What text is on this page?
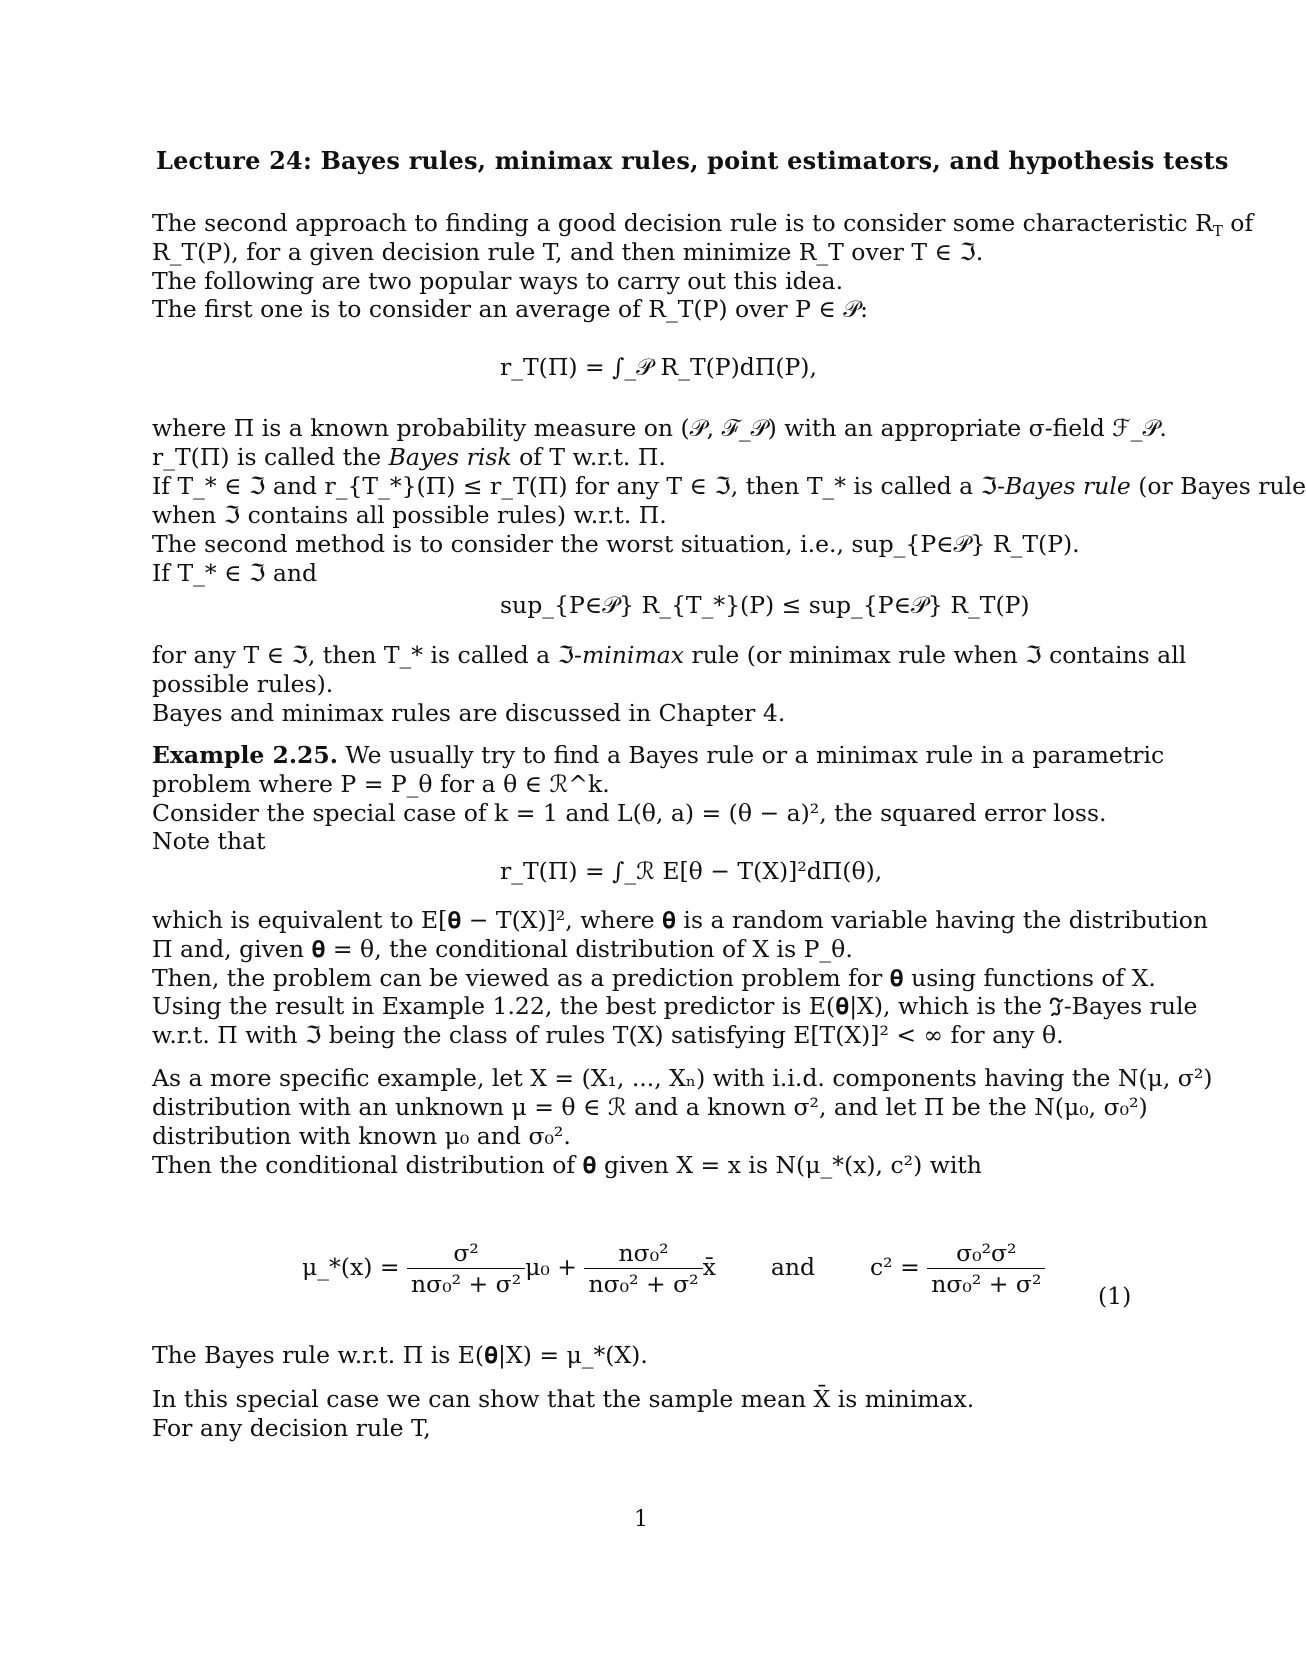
Lecture 24: Bayes rules, minimax rules, point estimators, and hypothesis tests
The second approach to finding a good decision rule is to consider some characteristic $R_T$ of
R_T(P), for a given decision rule T, and then minimize R_T over T ∈ ℑ.
The following are two popular ways to carry out this idea.
The first one is to consider an average of R_T(P) over P ∈ 𝒫:
r_T(Π) = ∫_𝒫 R_T(P)dΠ(P),
where Π is a known probability measure on (𝒫, ℱ_𝒫) with an appropriate σ-field ℱ_𝒫.
r_T(Π) is called the Bayes risk of T w.r.t. Π.
If T_* ∈ ℑ and r_{T_*}(Π) ≤ r_T(Π) for any T ∈ ℑ, then T_* is called a ℑ-Bayes rule (or Bayes rule
when ℑ contains all possible rules) w.r.t. Π.
The second method is to consider the worst situation, i.e., sup_{P∈𝒫} R_T(P).
If T_* ∈ ℑ and
sup_{P∈𝒫} R_{T_*}(P) ≤ sup_{P∈𝒫} R_T(P)
for any T ∈ ℑ, then T_* is called a ℑ-minimax rule (or minimax rule when ℑ contains all
possible rules).
Bayes and minimax rules are discussed in Chapter 4.
Example 2.25. We usually try to find a Bayes rule or a minimax rule in a parametric
problem where P = P_θ for a θ ∈ ℛ^k.
Consider the special case of k = 1 and L(θ, a) = (θ − a)², the squared error loss.
Note that
r_T(Π) = ∫_ℛ E[θ − T(X)]²dΠ(θ),
which is equivalent to E[𝛉 − T(X)]², where 𝛉 is a random variable having the distribution
Π and, given 𝛉 = θ, the conditional distribution of X is P_θ.
Then, the problem can be viewed as a prediction problem for 𝛉 using functions of X.
Using the result in Example 1.22, the best predictor is E(𝛉|X), which is the ℑ-Bayes rule
w.r.t. Π with ℑ being the class of rules T(X) satisfying E[T(X)]² < ∞ for any θ.
As a more specific example, let X = (X₁, ..., Xₙ) with i.i.d. components having the N(μ, σ²)
distribution with an unknown μ = θ ∈ ℛ and a known σ², and let Π be the N(μ₀, σ₀²)
distribution with known μ₀ and σ₀².
Then the conditional distribution of 𝛉 given X = x is N(μ_*(x), c²) with
μ_*(x) = $\frac{\text{σ²}}{\text{nσ₀² + σ²}} \mu_0 + \frac{\text{nσ₀²}}{\text{nσ₀² + σ²}}$ x̄ and $c^2 = \frac{\text{σ₀²σ²}}{\text{nσ₀² + σ²}} (1)$
The Bayes rule w.r.t. Π is E(𝛉|X) = μ_*(X).
In this special case we can show that the sample mean X̄ is minimax.
For any decision rule T,
1
